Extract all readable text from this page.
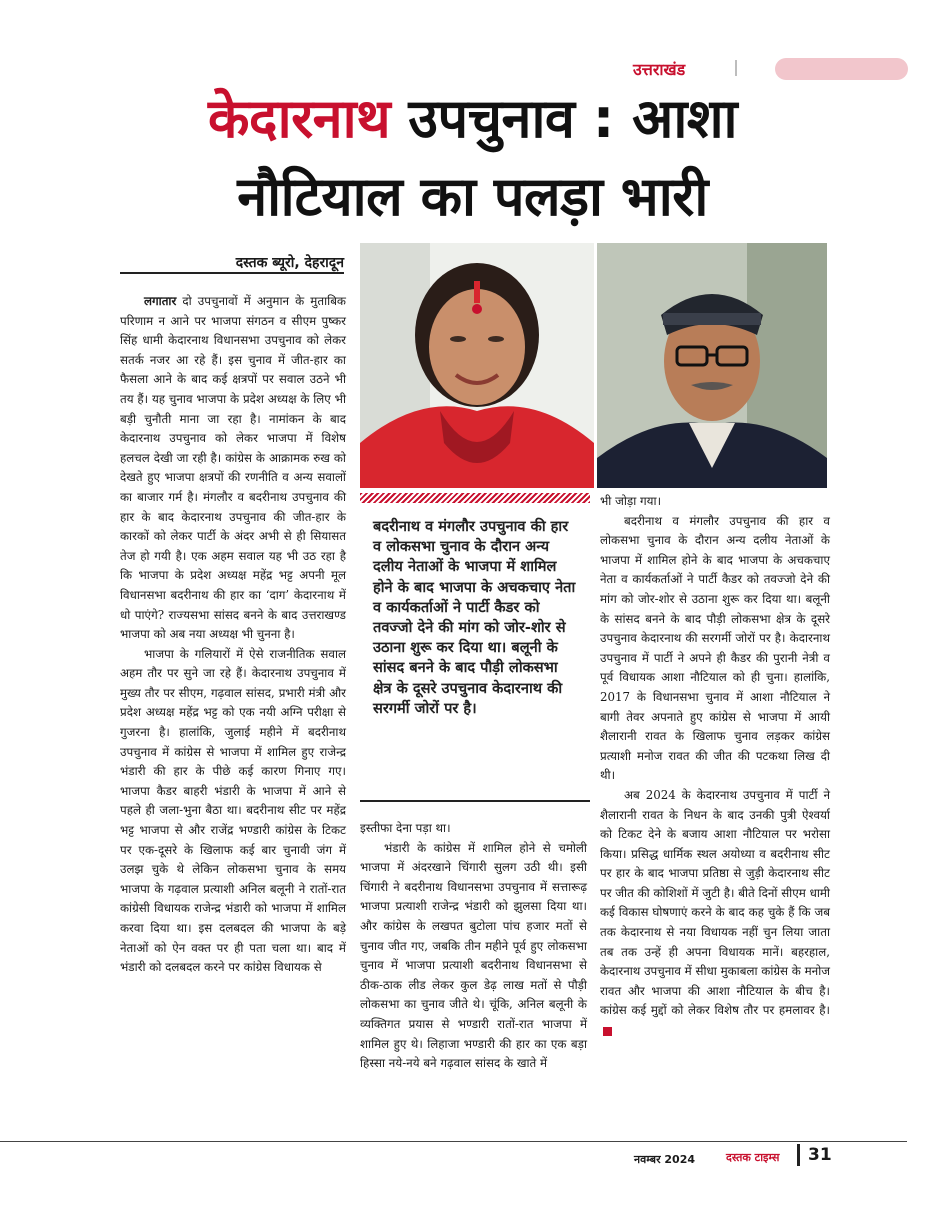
उत्तराखंड
केदारनाथ उपचुनाव : आशा
नौटियाल का पलड़ा भारी
दस्तक ब्यूरो, देहरादून

लगातार दो उपचुनावों में अनुमान के मुताबिक परिणाम न आने पर भाजपा संगठन व सीएम पुष्कर सिंह धामी केदारनाथ विधानसभा उपचुनाव को लेकर सतर्क नजर आ रहे हैं। इस चुनाव में जीत-हार का फैसला आने के बाद कई क्षत्रपों पर सवाल उठने भी तय हैं। यह चुनाव भाजपा के प्रदेश अध्यक्ष के लिए भी बड़ी चुनौती माना जा रहा है। नामांकन के बाद केदारनाथ उपचुनाव को लेकर भाजपा में विशेष हलचल देखी जा रही है। कांग्रेस के आक्रामक रुख को देखते हुए भाजपा क्षत्रपों की रणनीति व अन्य सवालों का बाजार गर्म है। मंगलौर व बदरीनाथ उपचुनाव की हार के बाद केदारनाथ उपचुनाव की जीत-हार के कारकों को लेकर पार्टी के अंदर अभी से ही सियासत तेज हो गयी है। एक अहम सवाल यह भी उठ रहा है कि भाजपा के प्रदेश अध्यक्ष महेंद्र भट्ट अपनी मूल विधानसभा बदरीनाथ की हार का ‘दाग’ केदारनाथ में धो पाएंगे? राज्यसभा सांसद बनने के बाद उत्तराखण्ड भाजपा को अब नया अध्यक्ष भी चुनना है।

भाजपा के गलियारों में ऐसे राजनीतिक सवाल अहम तौर पर सुने जा रहे हैं। केदारनाथ उपचुनाव में मुख्य तौर पर सीएम, गढ़वाल सांसद, प्रभारी मंत्री और प्रदेश अध्यक्ष महेंद्र भट्ट को एक नयी अग्नि परीक्षा से गुजरना है। हालांकि, जुलाई महीने में बदरीनाथ उपचुनाव में कांग्रेस से भाजपा में शामिल हुए राजेन्द्र भंडारी की हार के पीछे कई कारण गिनाए गए। भाजपा कैडर बाहरी भंडारी के भाजपा में आने से पहले ही जला-भुना बैठा था। बदरीनाथ सीट पर महेंद्र भट्ट भाजपा से और राजेंद्र भण्डारी कांग्रेस के टिकट पर एक-दूसरे के खिलाफ कई बार चुनावी जंग में उलझ चुके थे लेकिन लोकसभा चुनाव के समय भाजपा के गढ़वाल प्रत्याशी अनिल बलूनी ने रातों-रात कांग्रेसी विधायक राजेन्द्र भंडारी को भाजपा में शामिल करवा दिया था। इस दलबदल की भाजपा के बड़े नेताओं को ऐन वक्त पर ही पता चला था। बाद में भंडारी को दलबदल करने पर कांग्रेस विधायक से

बदरीनाथ व मंगलौर उपचुनाव की हार व लोकसभा चुनाव के दौरान अन्य दलीय नेताओं के भाजपा में शामिल होने के बाद भाजपा के अचकचाए नेता व कार्यकर्ताओं ने पार्टी कैडर को तवज्जो देने की मांग को जोर-शोर से उठाना शुरू कर दिया था। बलूनी के सांसद बनने के बाद पौड़ी लोकसभा क्षेत्र के दूसरे उपचुनाव केदारनाथ की सरगर्मी जोरों पर है।

इस्तीफा देना पड़ा था।

भंडारी के कांग्रेस में शामिल होने से चमोली भाजपा में अंदरखाने चिंगारी सुलग उठी थी। इसी चिंगारी ने बदरीनाथ विधानसभा उपचुनाव में सत्तारूढ़ भाजपा प्रत्याशी राजेन्द्र भंडारी को झुलसा दिया था। और कांग्रेस के लखपत बुटोला पांच हजार मतों से चुनाव जीत गए, जबकि तीन महीने पूर्व हुए लोकसभा चुनाव में भाजपा प्रत्याशी बदरीनाथ विधानसभा से ठीक-ठाक लीड लेकर कुल डेढ़ लाख मतों से पौड़ी लोकसभा का चुनाव जीते थे। चूंकि, अनिल बलूनी के व्यक्तिगत प्रयास से भण्डारी रातों-रात भाजपा में शामिल हुए थे। लिहाजा भण्डारी की हार का एक बड़ा हिस्सा नये-नये बने गढ़वाल सांसद के खाते में

भी जोड़ा गया।

बदरीनाथ व मंगलौर उपचुनाव की हार व लोकसभा चुनाव के दौरान अन्य दलीय नेताओं के भाजपा में शामिल होने के बाद भाजपा के अचकचाए नेता व कार्यकर्ताओं ने पार्टी कैडर को तवज्जो देने की मांग को जोर-शोर से उठाना शुरू कर दिया था। बलूनी के सांसद बनने के बाद पौड़ी लोकसभा क्षेत्र के दूसरे उपचुनाव केदारनाथ की सरगर्मी जोरों पर है। केदारनाथ उपचुनाव में पार्टी ने अपने ही कैडर की पुरानी नेत्री व पूर्व विधायक आशा नौटियाल को ही चुना। हालांकि, 2017 के विधानसभा चुनाव में आशा नौटियाल ने बागी तेवर अपनाते हुए कांग्रेस से भाजपा में आयी शैलारानी रावत के खिलाफ चुनाव लड़कर कांग्रेस प्रत्याशी मनोज रावत की जीत की पटकथा लिख दी थी।

अब 2024 के केदारनाथ उपचुनाव में पार्टी ने शैलारानी रावत के निधन के बाद उनकी पुत्री ऐश्वर्या को टिकट देने के बजाय आशा नौटियाल पर भरोसा किया। प्रसिद्ध धार्मिक स्थल अयोध्या व बदरीनाथ सीट पर हार के बाद भाजपा प्रतिष्ठा से जुड़ी केदारनाथ सीट पर जीत की कोशिशों में जुटी है। बीते दिनों सीएम धामी कई विकास घोषणाएं करने के बाद कह चुके हैं कि जब तक केदारनाथ से नया विधायक नहीं चुन लिया जाता तब तक उन्हें ही अपना विधायक मानें। बहरहाल, केदारनाथ उपचुनाव में सीधा मुकाबला कांग्रेस के मनोज रावत और भाजपा की आशा नौटियाल के बीच है। कांग्रेस कई मुद्दों को लेकर विशेष तौर पर हमलावर है।

नवम्बर 2024	दस्तक टाइम्स 31
